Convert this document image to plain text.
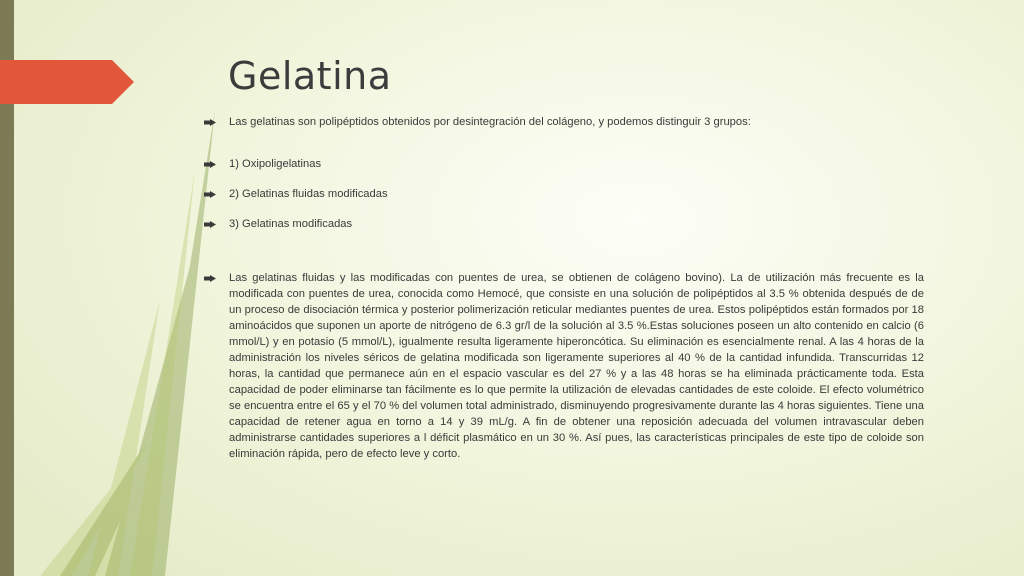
Gelatina
Las gelatinas son polipéptidos obtenidos por desintegración del colágeno, y podemos distinguir 3 grupos:
1) Oxipoligelatinas
2) Gelatinas fluidas modificadas
3) Gelatinas modificadas
Las gelatinas fluidas y las modificadas con puentes de urea, se obtienen de colágeno bovino). La de utilización más frecuente es la modificada con puentes de urea, conocida como Hemocé, que consiste en una solución de polipéptidos al 3.5 % obtenida después de de un proceso de disociación térmica y posterior polimerización reticular mediantes puentes de urea. Estos polipéptidos están formados por 18 aminoácidos que suponen un aporte de nitrógeno de 6.3 gr/l de la solución al 3.5 %.Estas soluciones poseen un alto contenido en calcio (6 mmol/L) y en potasio (5 mmol/L), igualmente resulta ligeramente hiperoncótica. Su eliminación es esencialmente renal. A las 4 horas de la administración los niveles séricos de gelatina modificada son ligeramente superiores al 40 % de la cantidad infundida. Transcurridas 12 horas, la cantidad que permanece aún en el espacio vascular es del 27 % y a las 48 horas se ha eliminada prácticamente toda. Esta capacidad de poder eliminarse tan fácilmente es lo que permite la utilización de elevadas cantidades de este coloide. El efecto volumétrico se encuentra entre el 65 y el 70 % del volumen total administrado, disminuyendo progresivamente durante las 4 horas siguientes. Tiene una capacidad de retener agua en torno a 14 y 39 mL/g. A fin de obtener una reposición adecuada del volumen intravascular deben administrarse cantidades superiores a l déficit plasmático en un 30 %. Así pues, las características principales de este tipo de coloide son eliminación rápida, pero de efecto leve y corto.
